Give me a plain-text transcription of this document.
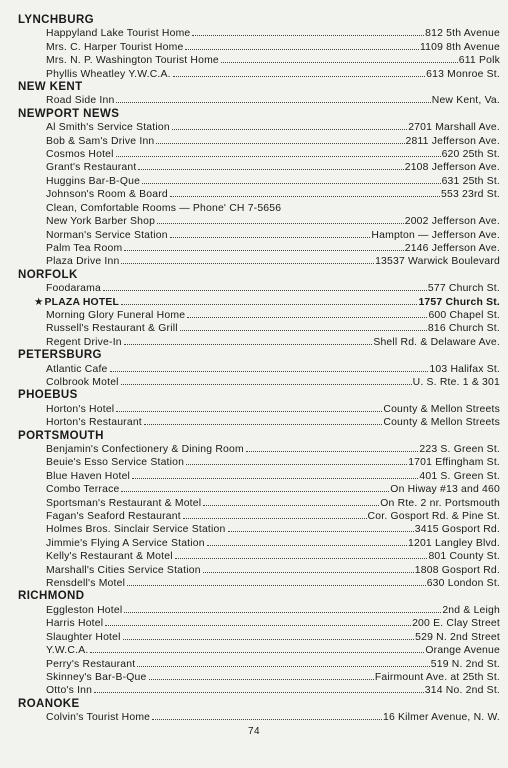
LYNCHBURG
Happyland Lake Tourist Home	812 5th Avenue
Mrs. C. Harper Tourist Home	1109 8th Avenue
Mrs. N. P. Washington Tourist Home	611 Polk
Phyllis Wheatley Y.W.C.A.	613 Monroe St.
NEW KENT
Road Side Inn	New Kent, Va.
NEWPORT NEWS
Al Smith's Service Station	2701 Marshall Ave.
Bob & Sam's Drive Inn	2811 Jefferson Ave.
Cosmos Hotel	620 25th St.
Grant's Restaurant	2108 Jefferson Ave.
Huggins Bar-B-Que	631 25th St.
Johnson's Room & Board	553 23rd St.
Clean, Comfortable Rooms — Phone' CH 7-5656
New York Barber Shop	2002 Jefferson Ave.
Norman's Service Station	Hampton — Jefferson Ave.
Palm Tea Room	2146 Jefferson Ave.
Plaza Drive Inn	13537 Warwick Boulevard
NORFOLK
Foodarama	577 Church St.
★ PLAZA HOTEL	1757 Church St.
Morning Glory Funeral Home	600 Chapel St.
Russell's Restaurant & Grill	816 Church St.
Regent Drive-In	Shell Rd. & Delaware Ave.
PETERSBURG
Atlantic Cafe	103 Halifax St.
Colbrook Motel	U. S. Rte. 1 & 301
PHOEBUS
Horton's Hotel	County & Mellon Streets
Horton's Restaurant	County & Mellon Streets
PORTSMOUTH
Benjamin's Confectionery & Dining Room	223 S. Green St.
Beuie's Esso Service Station	1701 Effingham St.
Blue Haven Hotel	401 S. Green St.
Combo Terrace	On Hiway #13 and 460
Sportsman's Restaurant & Motel	On Rte. 2 nr. Portsmouth
Fagan's Seaford Restaurant	Cor. Gosport Rd. & Pine St.
Holmes Bros. Sinclair Service Station	3415 Gosport Rd.
Jimmie's Flying A Service Station	1201 Langley Blvd.
Kelly's Restaurant & Motel	801 County St.
Marshall's Cities Service Station	1808 Gosport Rd.
Rensdell's Motel	630 London St.
RICHMOND
Eggleston Hotel	2nd & Leigh
Harris Hotel	200 E. Clay Street
Slaughter Hotel	529 N. 2nd Street
Y.W.C.A.	Orange Avenue
Perry's Restaurant	519 N. 2nd St.
Skinney's Bar-B-Que	Fairmount Ave. at 25th St.
Otto's Inn	314 No. 2nd St.
ROANOKE
Colvin's Tourist Home	16 Kilmer Avenue, N. W.
74
